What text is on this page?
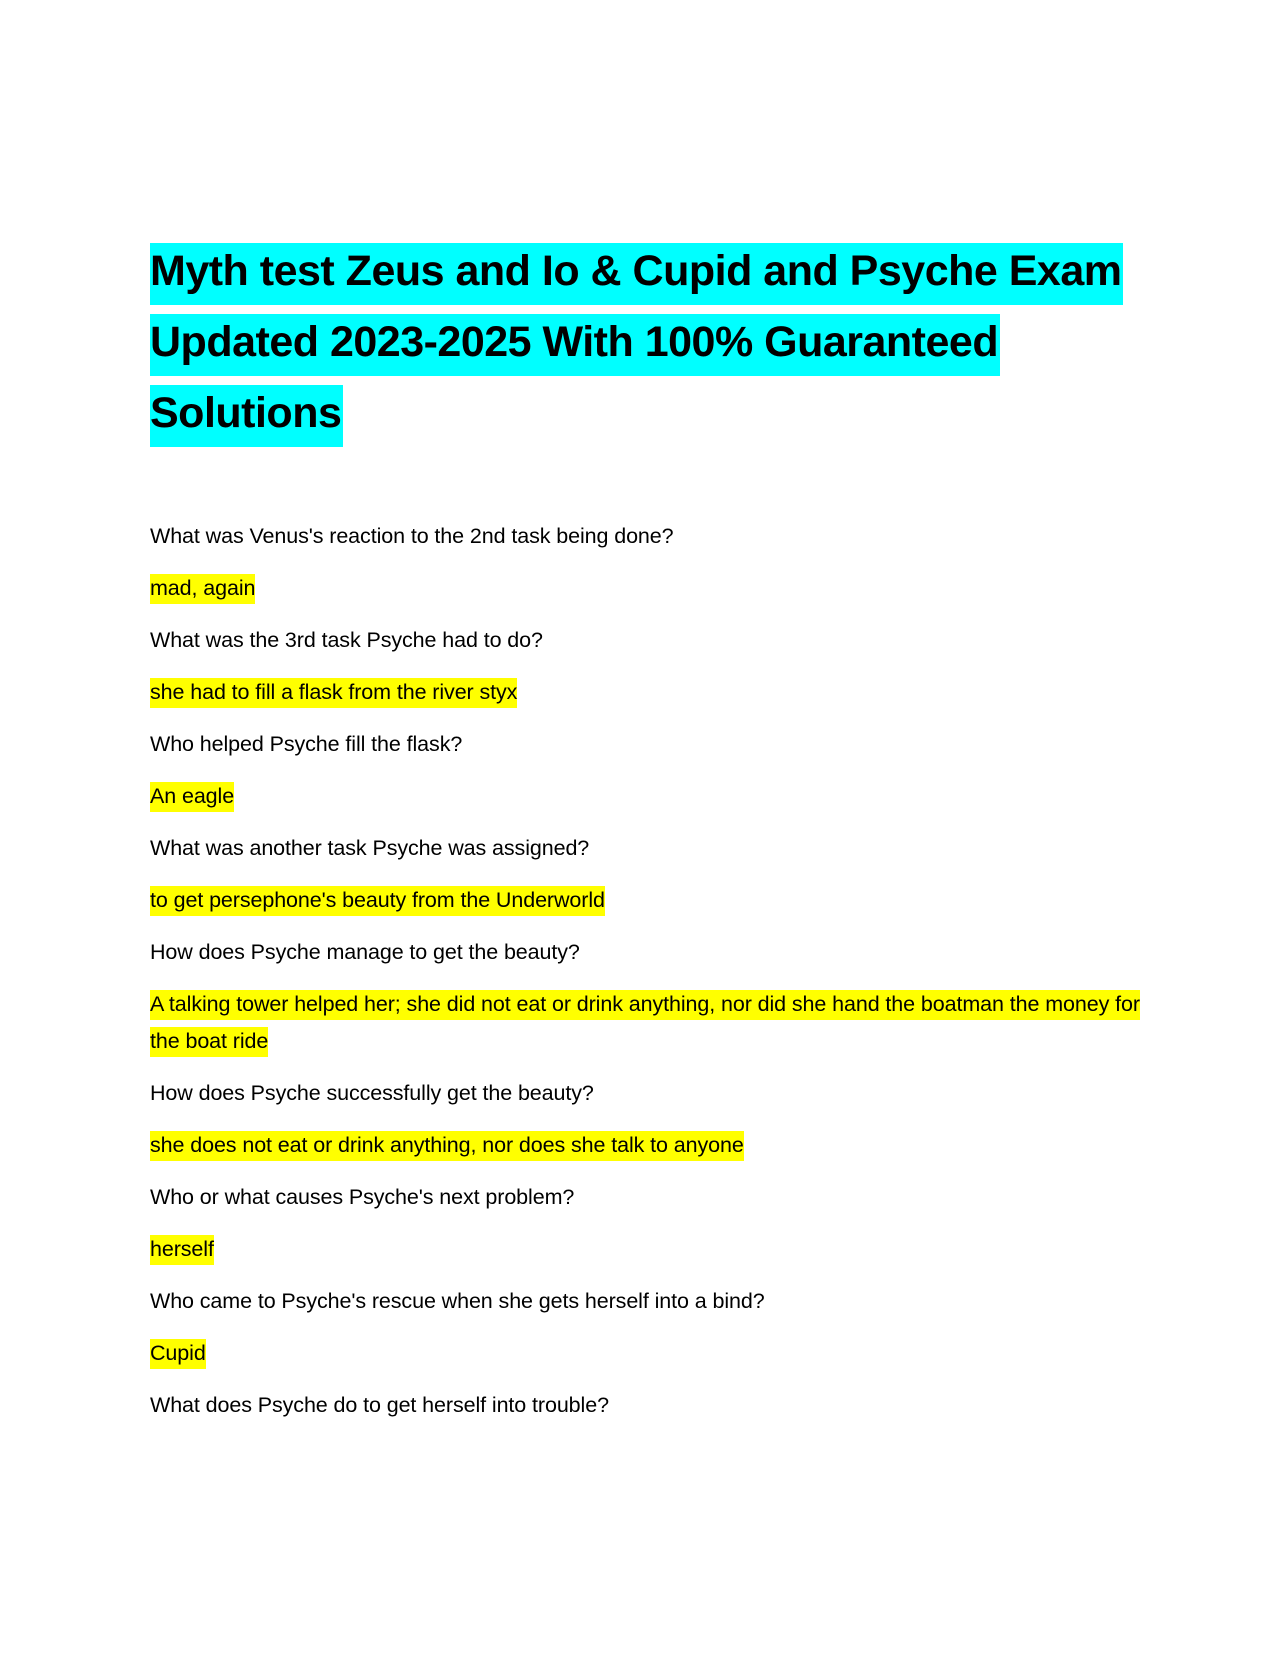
Myth test Zeus and Io & Cupid and Psyche Exam Updated 2023-2025 With 100% Guaranteed Solutions

What was Venus's reaction to the 2nd task being done?

mad, again

What was the 3rd task Psyche had to do?

she had to fill a flask from the river styx

Who helped Psyche fill the flask?

An eagle

What was another task Psyche was assigned?

to get persephone's beauty from the Underworld

How does Psyche manage to get the beauty?

A talking tower helped her; she did not eat or drink anything, nor did she hand the boatman the money for the boat ride

How does Psyche successfully get the beauty?

she does not eat or drink anything, nor does she talk to anyone

Who or what causes Psyche's next problem?

herself

Who came to Psyche's rescue when she gets herself into a bind?

Cupid

What does Psyche do to get herself into trouble?
